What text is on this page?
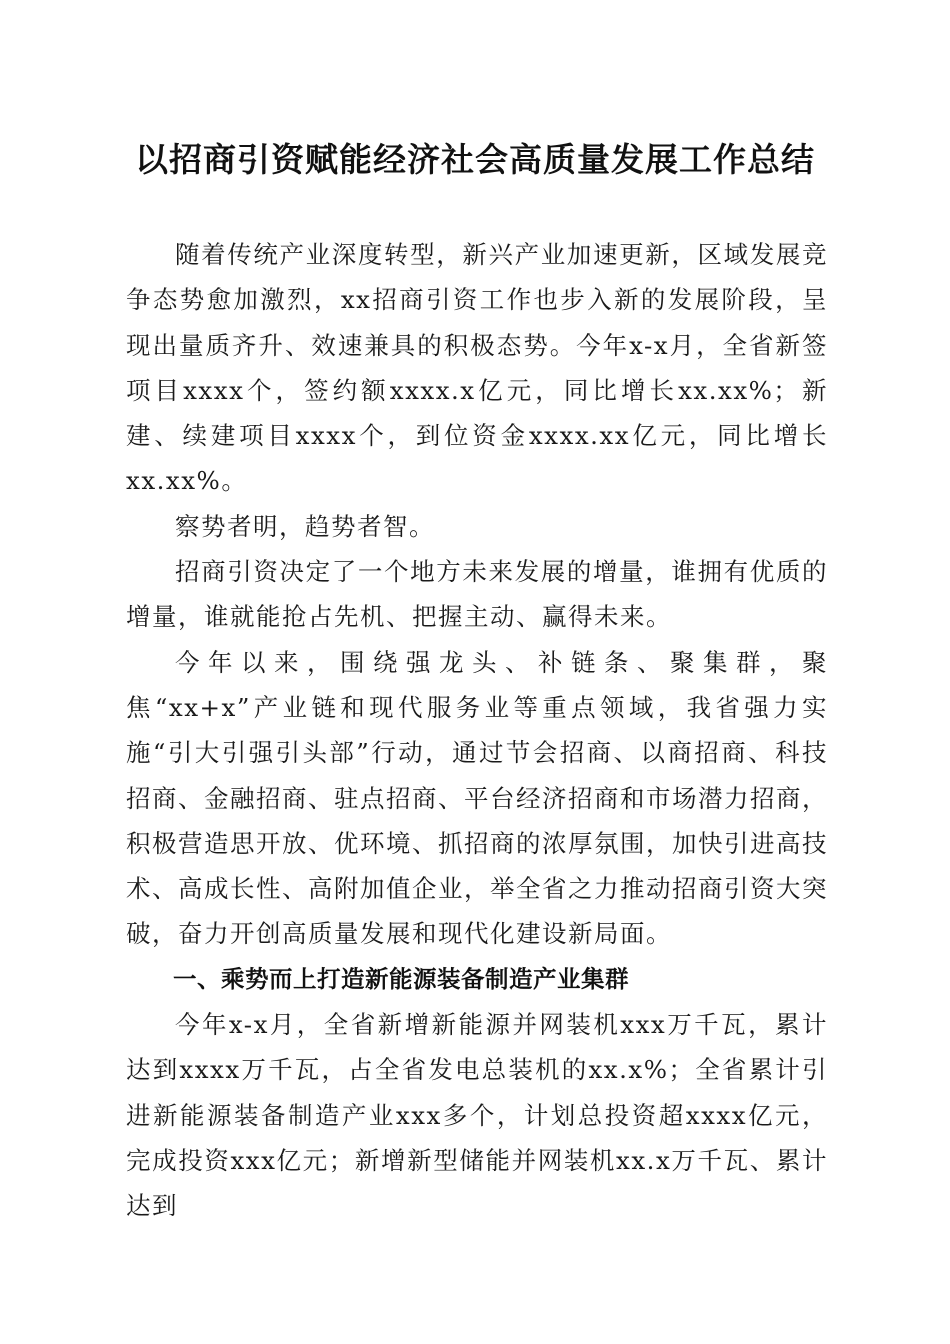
以招商引资赋能经济社会高质量发展工作总结

随着传统产业深度转型，新兴产业加速更新，区域发展竞争态势愈加激烈，xx招商引资工作也步入新的发展阶段，呈现出量质齐升、效速兼具的积极态势。今年x-x月，全省新签项目xxxx个，签约额xxxx.x亿元，同比增长xx.xx%；新建、续建项目xxxx个，到位资金xxxx.xx亿元，同比增长xx.xx%。

察势者明，趋势者智。

招商引资决定了一个地方未来发展的增量，谁拥有优质的增量，谁就能抢占先机、把握主动、赢得未来。

今年以来，围绕强龙头、补链条、聚集群，聚焦“xx+x”产业链和现代服务业等重点领域，我省强力实施“引大引强引头部”行动，通过节会招商、以商招商、科技招商、金融招商、驻点招商、平台经济招商和市场潜力招商，积极营造思开放、优环境、抓招商的浓厚氛围，加快引进高技术、高成长性、高附加值企业，举全省之力推动招商引资大突破，奋力开创高质量发展和现代化建设新局面。

一、乘势而上打造新能源装备制造产业集群

今年x-x月，全省新增新能源并网装机xxx万千瓦，累计达到xxxx万千瓦，占全省发电总装机的xx.x%；全省累计引进新能源装备制造产业xxx多个，计划总投资超xxxx亿元，完成投资xxx亿元；新增新型储能并网装机xx.x万千瓦、累计达到
